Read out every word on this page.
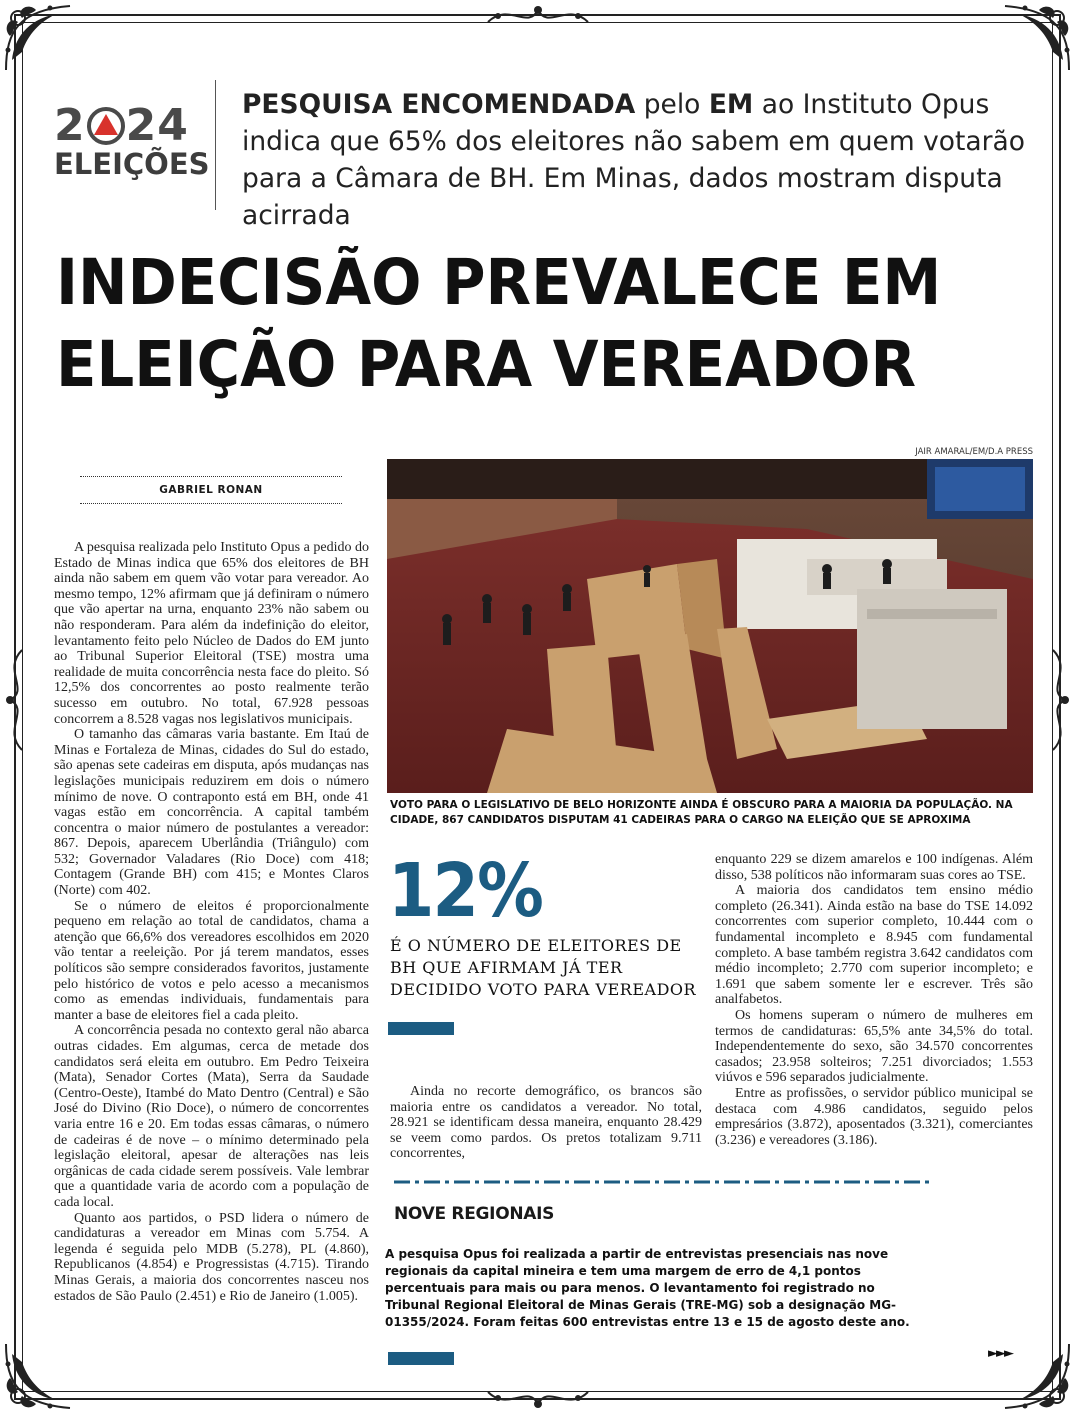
2 24
ELEIÇÕES
PESQUISA ENCOMENDADA pelo EM ao Instituto Opus indica que 65% dos eleitores não sabem em quem votarão para a Câmara de BH. Em Minas, dados mostram disputa acirrada
INDECISÃO PREVALECE EM
ELEIÇÃO PARA VEREADOR
GABRIEL RONAN

A pesquisa realizada pelo Instituto Opus a pedido do Estado de Minas indica que 65% dos eleitores de BH ainda não sabem em quem vão votar para vereador. Ao mesmo tempo, 12% afirmam que já definiram o número que vão apertar na urna, enquanto 23% não sabem ou não responderam. Para além da indefinição do eleitor, levantamento feito pelo Núcleo de Dados do EM junto ao Tribunal Superior Eleitoral (TSE) mostra uma realidade de muita concorrência nesta face do pleito. Só 12,5% dos concorrentes ao posto realmente terão sucesso em outubro. No total, 67.928 pessoas concorrem a 8.528 vagas nos legislativos municipais.

O tamanho das câmaras varia bastante. Em Itaú de Minas e Fortaleza de Minas, cidades do Sul do estado, são apenas sete cadeiras em disputa, após mudanças nas legislações municipais reduzirem em dois o número mínimo de nove. O contraponto está em BH, onde 41 vagas estão em concorrência. A capital também concentra o maior número de postulantes a vereador: 867. Depois, aparecem Uberlândia (Triângulo) com 532; Governador Valadares (Rio Doce) com 418; Contagem (Grande BH) com 415; e Montes Claros (Norte) com 402.

Se o número de eleitos é proporcionalmente pequeno em relação ao total de candidatos, chama a atenção que 66,6% dos vereadores escolhidos em 2020 vão tentar a reeleição. Por já terem mandatos, esses políticos são sempre considerados favoritos, justamente pelo histórico de votos e pelo acesso a mecanismos como as emendas individuais, fundamentais para manter a base de eleitores fiel a cada pleito.

A concorrência pesada no contexto geral não abarca outras cidades. Em algumas, cerca de metade dos candidatos será eleita em outubro. Em Pedro Teixeira (Mata), Senador Cortes (Mata), Serra da Saudade (Centro-Oeste), Itambé do Mato Dentro (Central) e São José do Divino (Rio Doce), o número de concorrentes varia entre 16 e 20. Em todas essas câmaras, o número de cadeiras é de nove – o mínimo determinado pela legislação eleitoral, apesar de alterações nas leis orgânicas de cada cidade serem possíveis. Vale lembrar que a quantidade varia de acordo com a população de cada local.

Quanto aos partidos, o PSD lidera o número de candidaturas a vereador em Minas com 5.754. A legenda é seguida pelo MDB (5.278), PL (4.860), Republicanos (4.854) e Progressistas (4.715). Tirando Minas Gerais, a maioria dos concorrentes nasceu nos estados de São Paulo (2.451) e Rio de Janeiro (1.005).

JAIR AMARAL/EM/D.A PRESS
VOTO PARA O LEGISLATIVO DE BELO HORIZONTE AINDA É OBSCURO PARA A MAIORIA DA POPULAÇÃO. NA CIDADE, 867 CANDIDATOS DISPUTAM 41 CADEIRAS PARA O CARGO NA ELEIÇÃO QUE SE APROXIMA
12%
É O NÚMERO DE ELEITORES DE BH QUE AFIRMAM JÁ TER DECIDIDO VOTO PARA VEREADOR

Ainda no recorte demográfico, os brancos são maioria entre os candidatos a vereador. No total, 28.921 se identificam dessa maneira, enquanto 28.429 se veem como pardos. Os pretos totalizam 9.711 concorrentes,

enquanto 229 se dizem amarelos e 100 indígenas. Além disso, 538 políticos não informaram suas cores ao TSE.

A maioria dos candidatos tem ensino médio completo (26.341). Ainda estão na base do TSE 14.092 concorrentes com superior completo, 10.444 com o fundamental incompleto e 8.945 com fundamental completo. A base também registra 3.642 candidatos com médio incompleto; 2.770 com superior incompleto; e 1.691 que sabem somente ler e escrever. Três são analfabetos.

Os homens superam o número de mulheres em termos de candidaturas: 65,5% ante 34,5% do total. Independentemente do sexo, são 34.570 concorrentes casados; 23.958 solteiros; 7.251 divorciados; 1.553 viúvos e 596 separados judicialmente.

Entre as profissões, o servidor público municipal se destaca com 4.986 candidatos, seguido pelos empresários (3.872), aposentados (3.321), comerciantes (3.236) e vereadores (3.186).

NOVE REGIONAIS
A pesquisa Opus foi realizada a partir de entrevistas presenciais nas nove regionais da capital mineira e tem uma margem de erro de 4,1 pontos percentuais para mais ou para menos. O levantamento foi registrado no Tribunal Regional Eleitoral de Minas Gerais (TRE-MG) sob a designação MG-01355/2024. Foram feitas 600 entrevistas entre 13 e 15 de agosto deste ano.
►►►
